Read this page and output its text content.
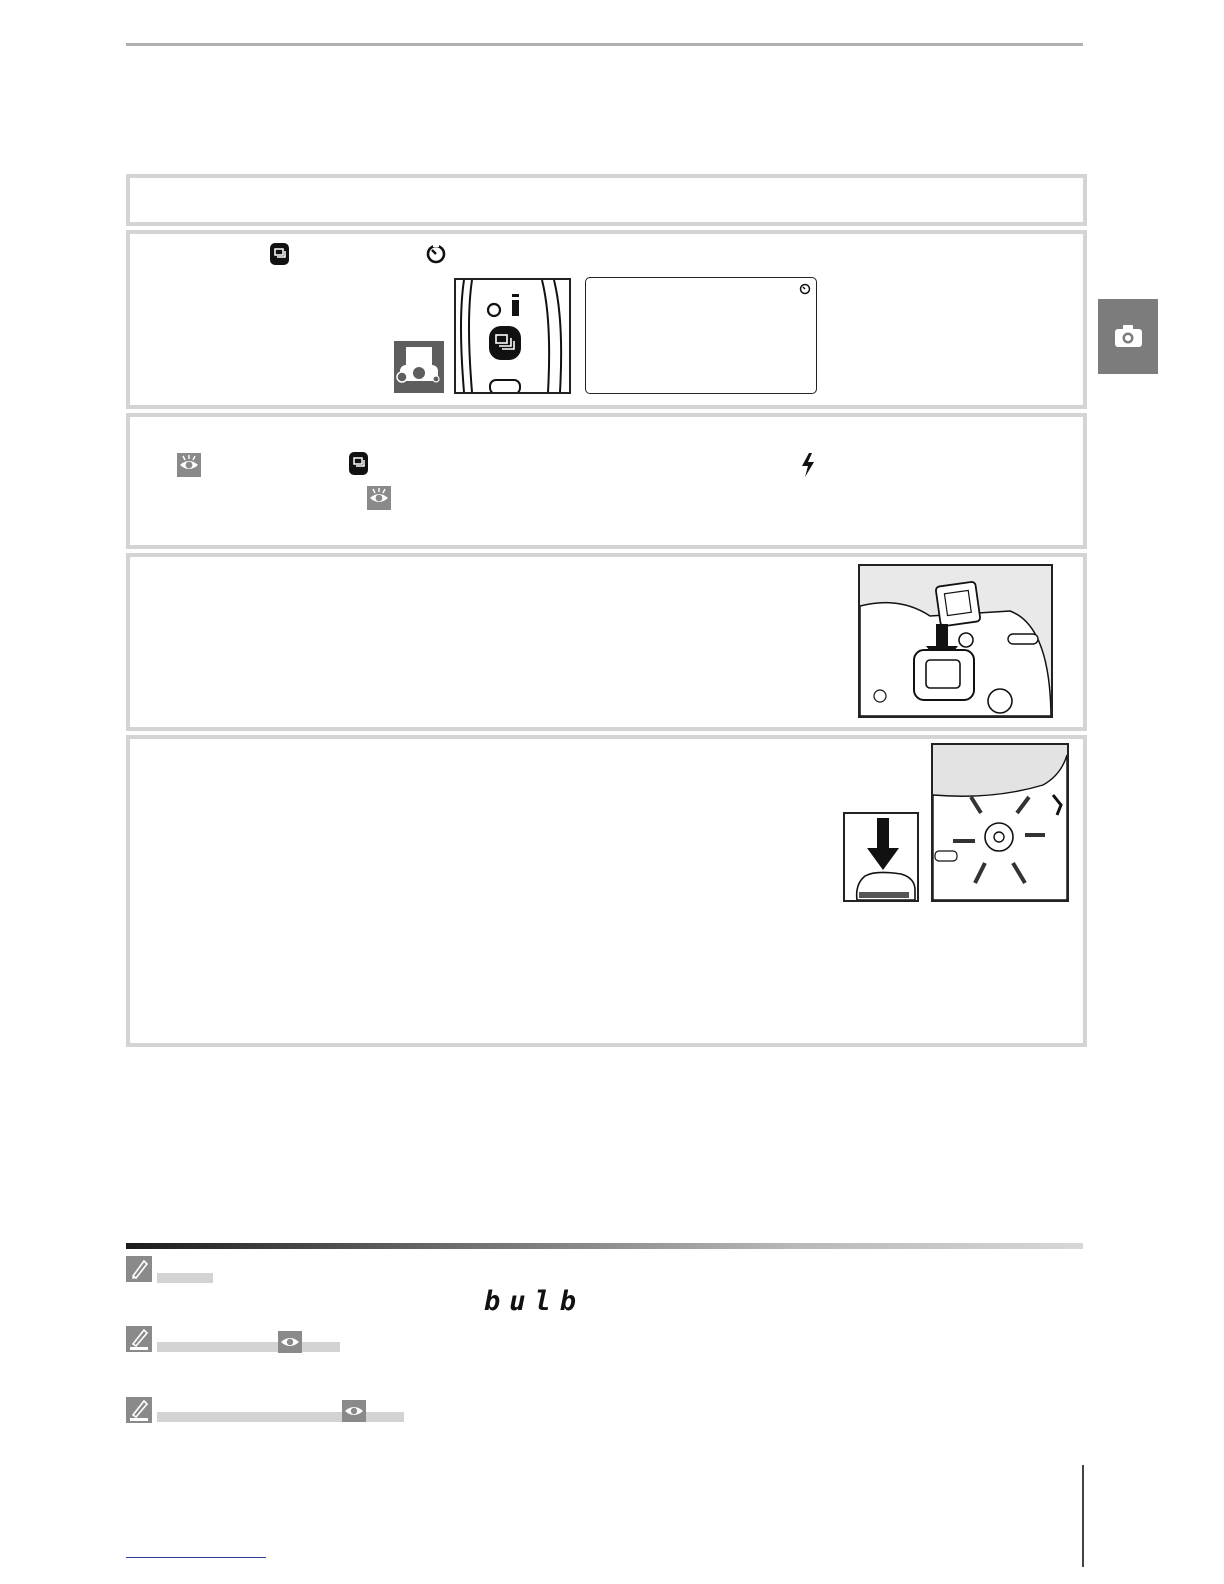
bulb
